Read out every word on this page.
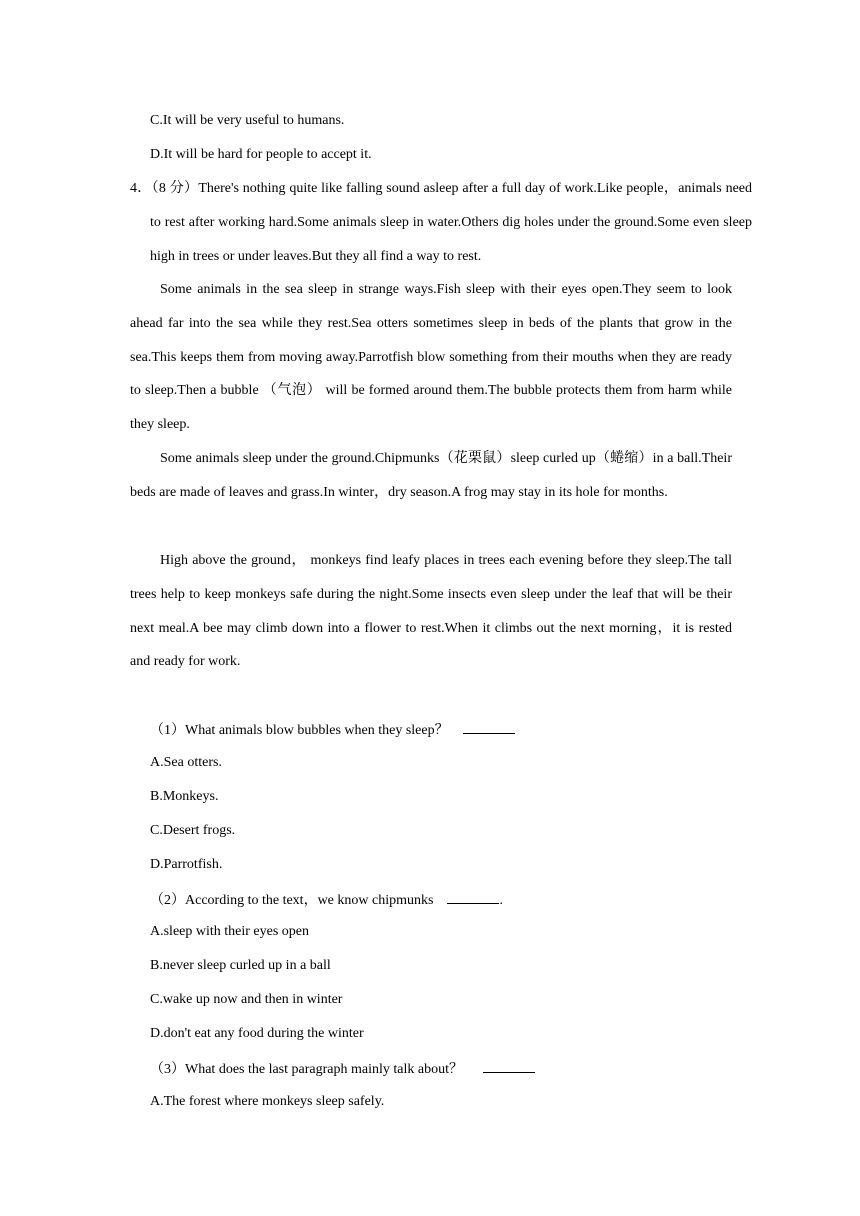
C.It will be very useful to humans.
D.It will be hard for people to accept it.

4．（8 分）There's nothing quite like falling sound asleep after a full day of work.Like people，animals need to rest after working hard.Some animals sleep in water.Others dig holes under the ground.Some even sleep high in trees or under leaves.But they all find a way to rest.

Some animals in the sea sleep in strange ways.Fish sleep with their eyes open.They seem to look ahead far into the sea while they rest.Sea otters sometimes sleep in beds of the plants that grow in the sea.This keeps them from moving away.Parrotfish blow something from their mouths when they are ready to sleep.Then a bubble （气泡） will be formed around them.The bubble protects them from harm while they sleep.

Some animals sleep under the ground.Chipmunks（花栗鼠）sleep curled up（蜷缩）in a ball.Their beds are made of leaves and grass.In winter，dry season.A frog may stay in its hole for months.

High above the ground， monkeys find leafy places in trees each evening before they sleep.The tall trees help to keep monkeys safe during the night.Some insects even sleep under the leaf that will be their next meal.A bee may climb down into a flower to rest.When it climbs out the next morning，it is rested and ready for work.

（1）What animals blow bubbles when they sleep？
A.Sea otters.
B.Monkeys.
C.Desert frogs.
D.Parrotfish.
（2）According to the text，we know chipmunks	.
A.sleep with their eyes open
B.never sleep curled up in a ball
C.wake up now and then in winter
D.don't eat any food during the winter
（3）What does the last paragraph mainly talk about？
A.The forest where monkeys sleep safely.
